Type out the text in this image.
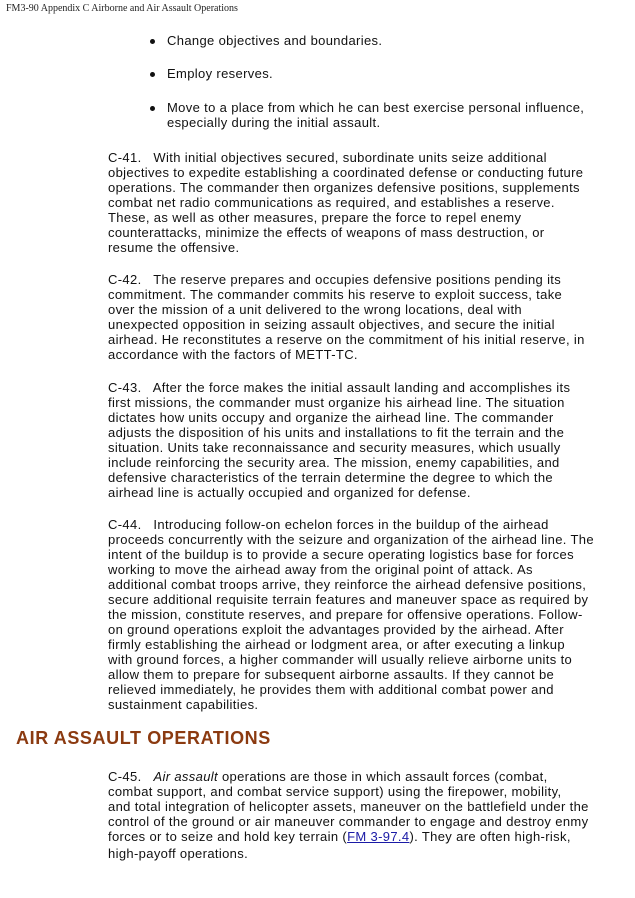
FM3-90 Appendix C Airborne and Air Assault Operations
Change objectives and boundaries.
Employ reserves.
Move to a place from which he can best exercise personal influence,
especially during the initial assault.
C-41.   With initial objectives secured, subordinate units seize additional
objectives to expedite establishing a coordinated defense or conducting future
operations. The commander then organizes defensive positions, supplements
combat net radio communications as required, and establishes a reserve.
These, as well as other measures, prepare the force to repel enemy
counterattacks, minimize the effects of weapons of mass destruction, or
resume the offensive.
C-42.   The reserve prepares and occupies defensive positions pending its
commitment. The commander commits his reserve to exploit success, take
over the mission of a unit delivered to the wrong locations, deal with
unexpected opposition in seizing assault objectives, and secure the initial
airhead. He reconstitutes a reserve on the commitment of his initial reserve, in
accordance with the factors of METT-TC.
C-43.   After the force makes the initial assault landing and accomplishes its
first missions, the commander must organize his airhead line. The situation
dictates how units occupy and organize the airhead line. The commander
adjusts the disposition of his units and installations to fit the terrain and the
situation. Units take reconnaissance and security measures, which usually
include reinforcing the security area. The mission, enemy capabilities, and
defensive characteristics of the terrain determine the degree to which the
airhead line is actually occupied and organized for defense.
C-44.   Introducing follow-on echelon forces in the buildup of the airhead
proceeds concurrently with the seizure and organization of the airhead line. The
intent of the buildup is to provide a secure operating logistics base for forces
working to move the airhead away from the original point of attack. As
additional combat troops arrive, they reinforce the airhead defensive positions,
secure additional requisite terrain features and maneuver space as required by
the mission, constitute reserves, and prepare for offensive operations. Follow-
on ground operations exploit the advantages provided by the airhead. After
firmly establishing the airhead or lodgment area, or after executing a linkup
with ground forces, a higher commander will usually relieve airborne units to
allow them to prepare for subsequent airborne assaults. If they cannot be
relieved immediately, he provides them with additional combat power and
sustainment capabilities.
AIR ASSAULT OPERATIONS
C-45.   Air assault operations are those in which assault forces (combat,
combat support, and combat service support) using the firepower, mobility,
and total integration of helicopter assets, maneuver on the battlefield under the
control of the ground or air maneuver commander to engage and destroy enmy
forces or to seize and hold key terrain (FM 3-97.4). They are often high-risk,
high-payoff operations.
